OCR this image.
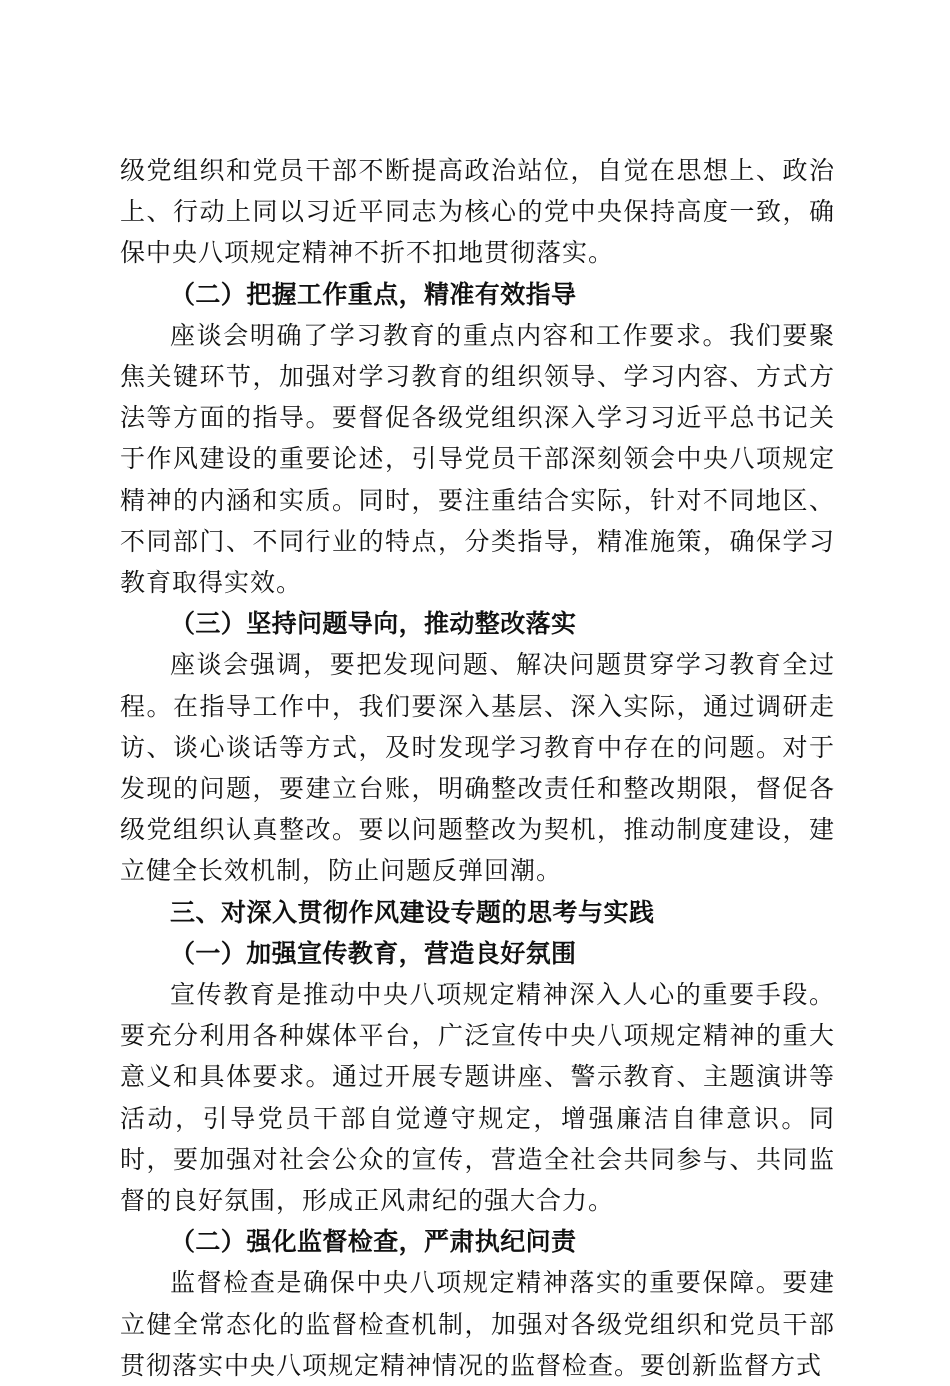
级党组织和党员干部不断提高政治站位，自觉在思想上、政治上、行动上同以习近平同志为核心的党中央保持高度一致，确保中央八项规定精神不折不扣地贯彻落实。

（二）把握工作重点，精准有效指导

座谈会明确了学习教育的重点内容和工作要求。我们要聚焦关键环节，加强对学习教育的组织领导、学习内容、方式方法等方面的指导。要督促各级党组织深入学习习近平总书记关于作风建设的重要论述，引导党员干部深刻领会中央八项规定精神的内涵和实质。同时，要注重结合实际，针对不同地区、不同部门、不同行业的特点，分类指导，精准施策，确保学习教育取得实效。

（三）坚持问题导向，推动整改落实

座谈会强调，要把发现问题、解决问题贯穿学习教育全过程。在指导工作中，我们要深入基层、深入实际，通过调研走访、谈心谈话等方式，及时发现学习教育中存在的问题。对于发现的问题，要建立台账，明确整改责任和整改期限，督促各级党组织认真整改。要以问题整改为契机，推动制度建设，建立健全长效机制，防止问题反弹回潮。

三、对深入贯彻作风建设专题的思考与实践

（一）加强宣传教育，营造良好氛围

宣传教育是推动中央八项规定精神深入人心的重要手段。要充分利用各种媒体平台，广泛宣传中央八项规定精神的重大意义和具体要求。通过开展专题讲座、警示教育、主题演讲等活动，引导党员干部自觉遵守规定，增强廉洁自律意识。同时，要加强对社会公众的宣传，营造全社会共同参与、共同监督的良好氛围，形成正风肃纪的强大合力。

（二）强化监督检查，严肃执纪问责

监督检查是确保中央八项规定精神落实的重要保障。要建立健全常态化的监督检查机制，加强对各级党组织和党员干部贯彻落实中央八项规定精神情况的监督检查。要创新监督方式
